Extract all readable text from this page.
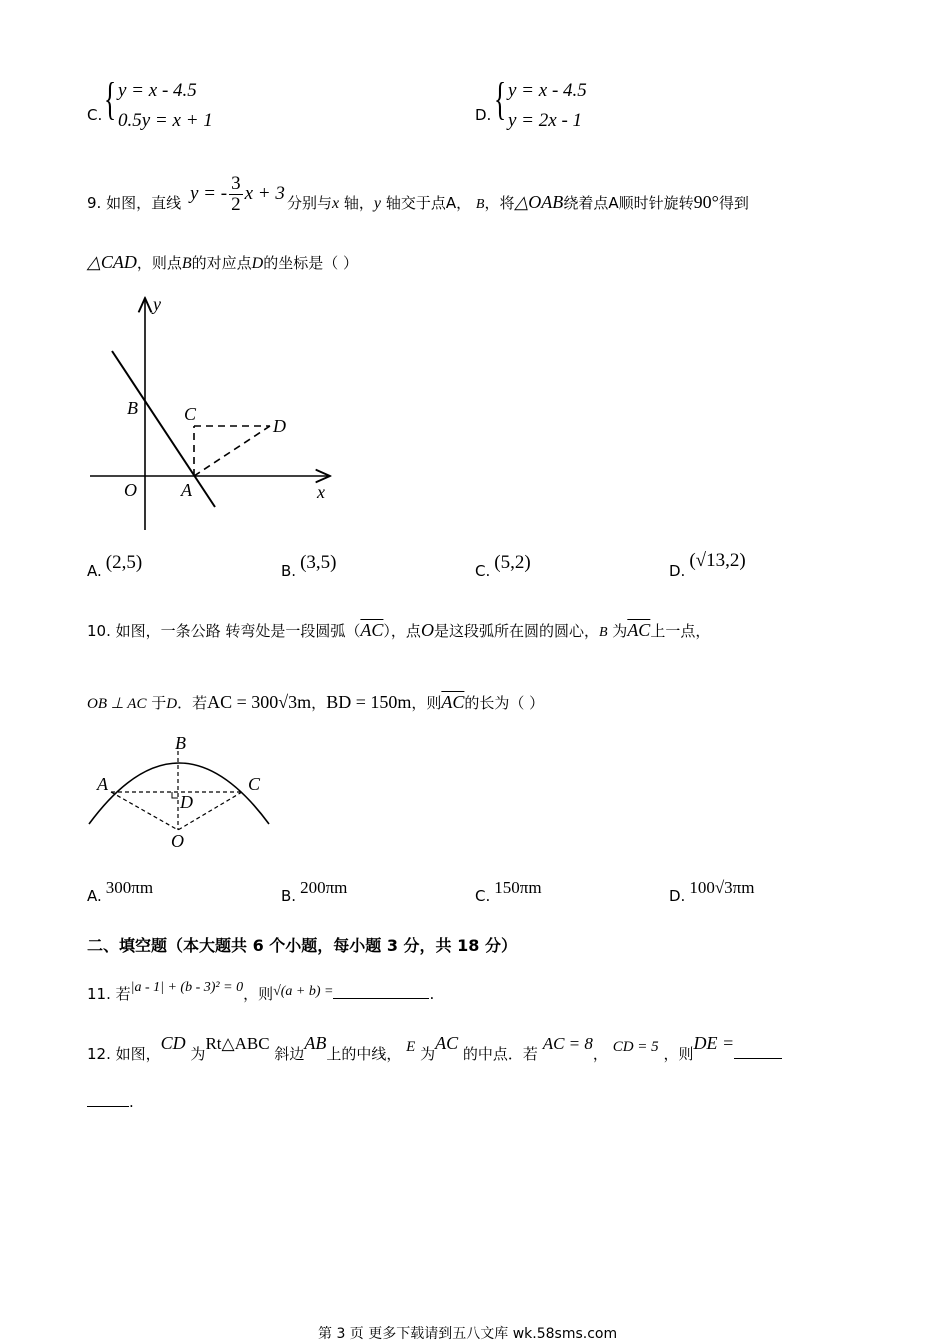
C. { y = x - 4.5
0.5y = x + 1	D. { y = x - 4.5
y = 2x - 1
9. 如图，直线 y = - $\frac{3}{2}$ x + 3 分别与x 轴，y 轴交于点A， B，将△OAB绕着点A顺时针旋转90°得到
△CAD，则点B的对应点D的坐标是（ ）
y
B	C
D
O A	x
A. (2,5)	B. (3,5)	C. (5,2)	D. (√13,2)
10. 如图，一条公路 转弯处是一段圆弧$(\overline{AC})$，点O是这段弧所在圆的圆心，B 为$\overline{AC}$上一点，
OB ⊥ AC 于D．若AC = 300√3m，BD = 150m，则$\overline{AC}$的长为（ ）
B
A	C
D
O
A. 300πm	B. 200πm	C. 150πm	D. 100√3πm
二、填空题（本大题共 6 个小题，每小题 3 分，共 18 分）
11. 若|a - 1| + (b - 3)² = 0，则√(a + b) =	.
12. 如图，CD 为Rt△ABC 斜边AB上的中线， E 为AC 的中点．若 AC = 8， CD = 5 ，则DE =
.
第 3 页 更多下载请到五八文库 wk.58sms.com
